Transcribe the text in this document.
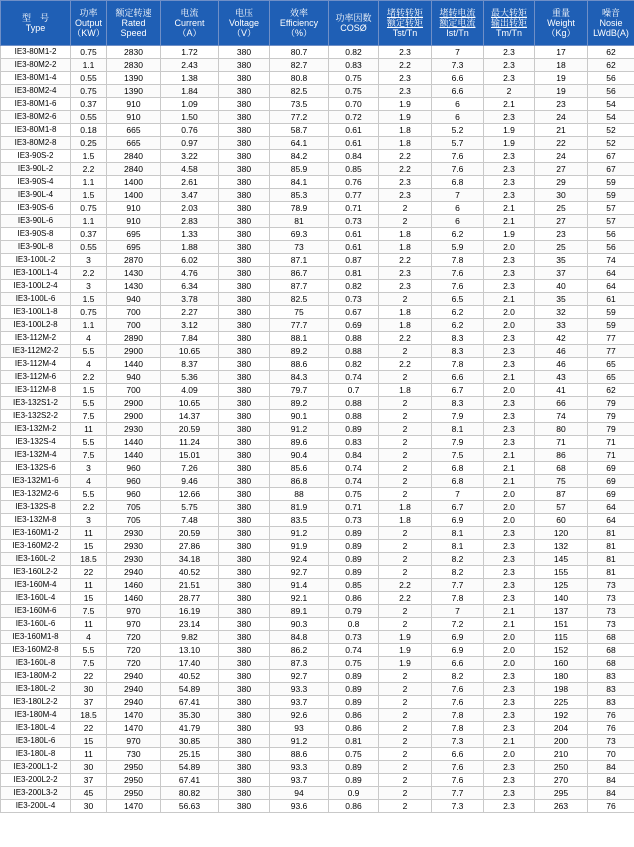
型　号
Type	功率
Output
（KW）	额定转速
Rated
Speed	电流
Current
（A）	电压
Voltage
（V）	效率
Efficiency
（%）	功率因数
COSØ	堵转转矩
额定转矩
Tst/Tn	堵转电流
额定电流
Ist/Tn	最大转矩
输出转矩
Tm/Tn	重量
Weight
（Kg）	噪音
Nosie
LWdB(A)

IE3-80M1-2	0.75	2830	1.72	380	80.7	0.82	2.3	7	2.3	17	62
IE3-80M2-2	1.1	2830	2.43	380	82.7	0.83	2.2	7.3	2.3	18	62
IE3-80M1-4	0.55	1390	1.38	380	80.8	0.75	2.3	6.6	2.3	19	56
IE3-80M2-4	0.75	1390	1.84	380	82.5	0.75	2.3	6.6	2	19	56
IE3-80M1-6	0.37	910	1.09	380	73.5	0.70	1.9	6	2.1	23	54
IE3-80M2-6	0.55	910	1.50	380	77.2	0.72	1.9	6	2.3	24	54
IE3-80M1-8	0.18	665	0.76	380	58.7	0.61	1.8	5.2	1.9	21	52
IE3-80M2-8	0.25	665	0.97	380	64.1	0.61	1.8	5.7	1.9	22	52
IE3-90S-2	1.5	2840	3.22	380	84.2	0.84	2.2	7.6	2.3	24	67
IE3-90L-2	2.2	2840	4.58	380	85.9	0.85	2.2	7.6	2.3	27	67
IE3-90S-4	1.1	1400	2.61	380	84.1	0.76	2.3	6.8	2.3	29	59
IE3-90L-4	1.5	1400	3.47	380	85.3	0.77	2.3	7	2.3	30	59
IE3-90S-6	0.75	910	2.03	380	78.9	0.71	2	6	2.1	25	57
IE3-90L-6	1.1	910	2.83	380	81	0.73	2	6	2.1	27	57
IE3-90S-8	0.37	695	1.33	380	69.3	0.61	1.8	6.2	1.9	23	56
IE3-90L-8	0.55	695	1.88	380	73	0.61	1.8	5.9	2.0	25	56
IE3-100L-2	3	2870	6.02	380	87.1	0.87	2.2	7.8	2.3	35	74
IE3-100L1-4	2.2	1430	4.76	380	86.7	0.81	2.3	7.6	2.3	37	64
IE3-100L2-4	3	1430	6.34	380	87.7	0.82	2.3	7.6	2.3	40	64
IE3-100L-6	1.5	940	3.78	380	82.5	0.73	2	6.5	2.1	35	61
IE3-100L1-8	0.75	700	2.27	380	75	0.67	1.8	6.2	2.0	32	59
IE3-100L2-8	1.1	700	3.12	380	77.7	0.69	1.8	6.2	2.0	33	59
IE3-112M-2	4	2890	7.84	380	88.1	0.88	2.2	8.3	2.3	42	77
IE3-112M2-2	5.5	2900	10.65	380	89.2	0.88	2	8.3	2.3	46	77
IE3-112M-4	4	1440	8.37	380	88.6	0.82	2.2	7.8	2.3	46	65
IE3-112M-6	2.2	940	5.36	380	84.3	0.74	2	6.6	2.1	43	65
IE3-112M-8	1.5	700	4.09	380	79.7	0.7	1.8	6.7	2.0	41	62
IE3-132S1-2	5.5	2900	10.65	380	89.2	0.88	2	8.3	2.3	66	79
IE3-132S2-2	7.5	2900	14.37	380	90.1	0.88	2	7.9	2.3	74	79
IE3-132M-2	11	2930	20.59	380	91.2	0.89	2	8.1	2.3	80	79
IE3-132S-4	5.5	1440	11.24	380	89.6	0.83	2	7.9	2.3	71	71
IE3-132M-4	7.5	1440	15.01	380	90.4	0.84	2	7.5	2.1	86	71
IE3-132S-6	3	960	7.26	380	85.6	0.74	2	6.8	2.1	68	69
IE3-132M1-6	4	960	9.46	380	86.8	0.74	2	6.8	2.1	75	69
IE3-132M2-6	5.5	960	12.66	380	88	0.75	2	7	2.0	87	69
IE3-132S-8	2.2	705	5.75	380	81.9	0.71	1.8	6.7	2.0	57	64
IE3-132M-8	3	705	7.48	380	83.5	0.73	1.8	6.9	2.0	60	64
IE3-160M1-2	11	2930	20.59	380	91.2	0.89	2	8.1	2.3	120	81
IE3-160M2-2	15	2930	27.86	380	91.9	0.89	2	8.1	2.3	132	81
IE3-160L-2	18.5	2930	34.18	380	92.4	0.89	2	8.2	2.3	145	81
IE3-160L2-2	22	2940	40.52	380	92.7	0.89	2	8.2	2.3	155	81
IE3-160M-4	11	1460	21.51	380	91.4	0.85	2.2	7.7	2.3	125	73
IE3-160L-4	15	1460	28.77	380	92.1	0.86	2.2	7.8	2.3	140	73
IE3-160M-6	7.5	970	16.19	380	89.1	0.79	2	7	2.1	137	73
IE3-160L-6	11	970	23.14	380	90.3	0.8	2	7.2	2.1	151	73
IE3-160M1-8	4	720	9.82	380	84.8	0.73	1.9	6.9	2.0	115	68
IE3-160M2-8	5.5	720	13.10	380	86.2	0.74	1.9	6.9	2.0	152	68
IE3-160L-8	7.5	720	17.40	380	87.3	0.75	1.9	6.6	2.0	160	68
IE3-180M-2	22	2940	40.52	380	92.7	0.89	2	8.2	2.3	180	83
IE3-180L-2	30	2940	54.89	380	93.3	0.89	2	7.6	2.3	198	83
IE3-180L2-2	37	2940	67.41	380	93.7	0.89	2	7.6	2.3	225	83
IE3-180M-4	18.5	1470	35.30	380	92.6	0.86	2	7.8	2.3	192	76
IE3-180L-4	22	1470	41.79	380	93	0.86	2	7.8	2.3	204	76
IE3-180L-6	15	970	30.85	380	91.2	0.81	2	7.3	2.1	200	73
IE3-180L-8	11	730	25.15	380	88.6	0.75	2	6.6	2.0	210	70
IE3-200L1-2	30	2950	54.89	380	93.3	0.89	2	7.6	2.3	250	84
IE3-200L2-2	37	2950	67.41	380	93.7	0.89	2	7.6	2.3	270	84
IE3-200L3-2	45	2950	80.82	380	94	0.9	2	7.7	2.3	295	84
IE3-200L-4	30	1470	56.63	380	93.6	0.86	2	7.3	2.3	263	76
